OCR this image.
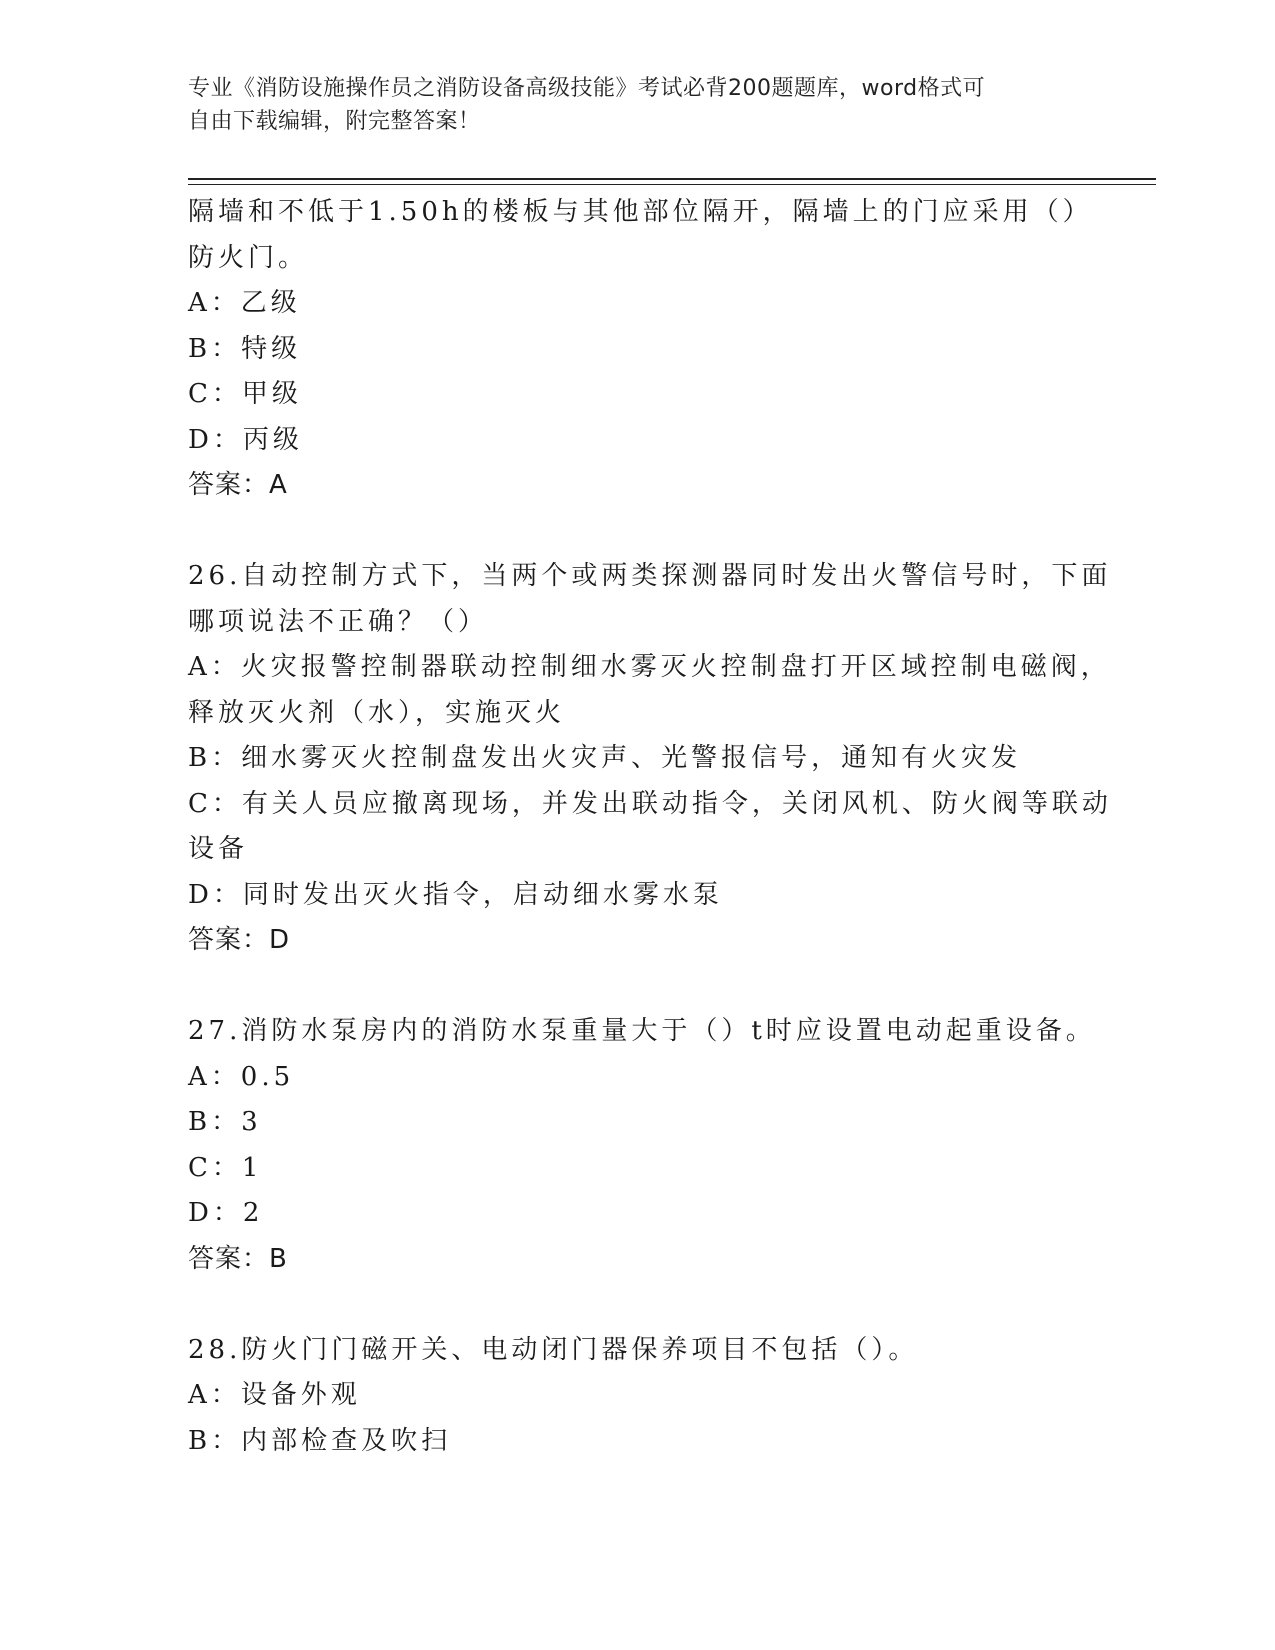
专业《消防设施操作员之消防设备高级技能》考试必背200题题库，word格式可
自由下载编辑，附完整答案！
隔墙和不低于1.50h的楼板与其他部位隔开，隔墙上的门应采用（）
防火门。
A：乙级
B：特级
C：甲级
D：丙级
答案：A
26.自动控制方式下，当两个或两类探测器同时发出火警信号时，下面
哪项说法不正确？（）
A：火灾报警控制器联动控制细水雾灭火控制盘打开区域控制电磁阀，
释放灭火剂（水），实施灭火
B：细水雾灭火控制盘发出火灾声、光警报信号，通知有火灾发
C：有关人员应撤离现场，并发出联动指令，关闭风机、防火阀等联动
设备
D：同时发出灭火指令，启动细水雾水泵
答案：D
27.消防水泵房内的消防水泵重量大于（）t时应设置电动起重设备。
A：0.5
B：3
C：1
D：2
答案：B
28.防火门门磁开关、电动闭门器保养项目不包括（）。
A：设备外观
B：内部检查及吹扫
